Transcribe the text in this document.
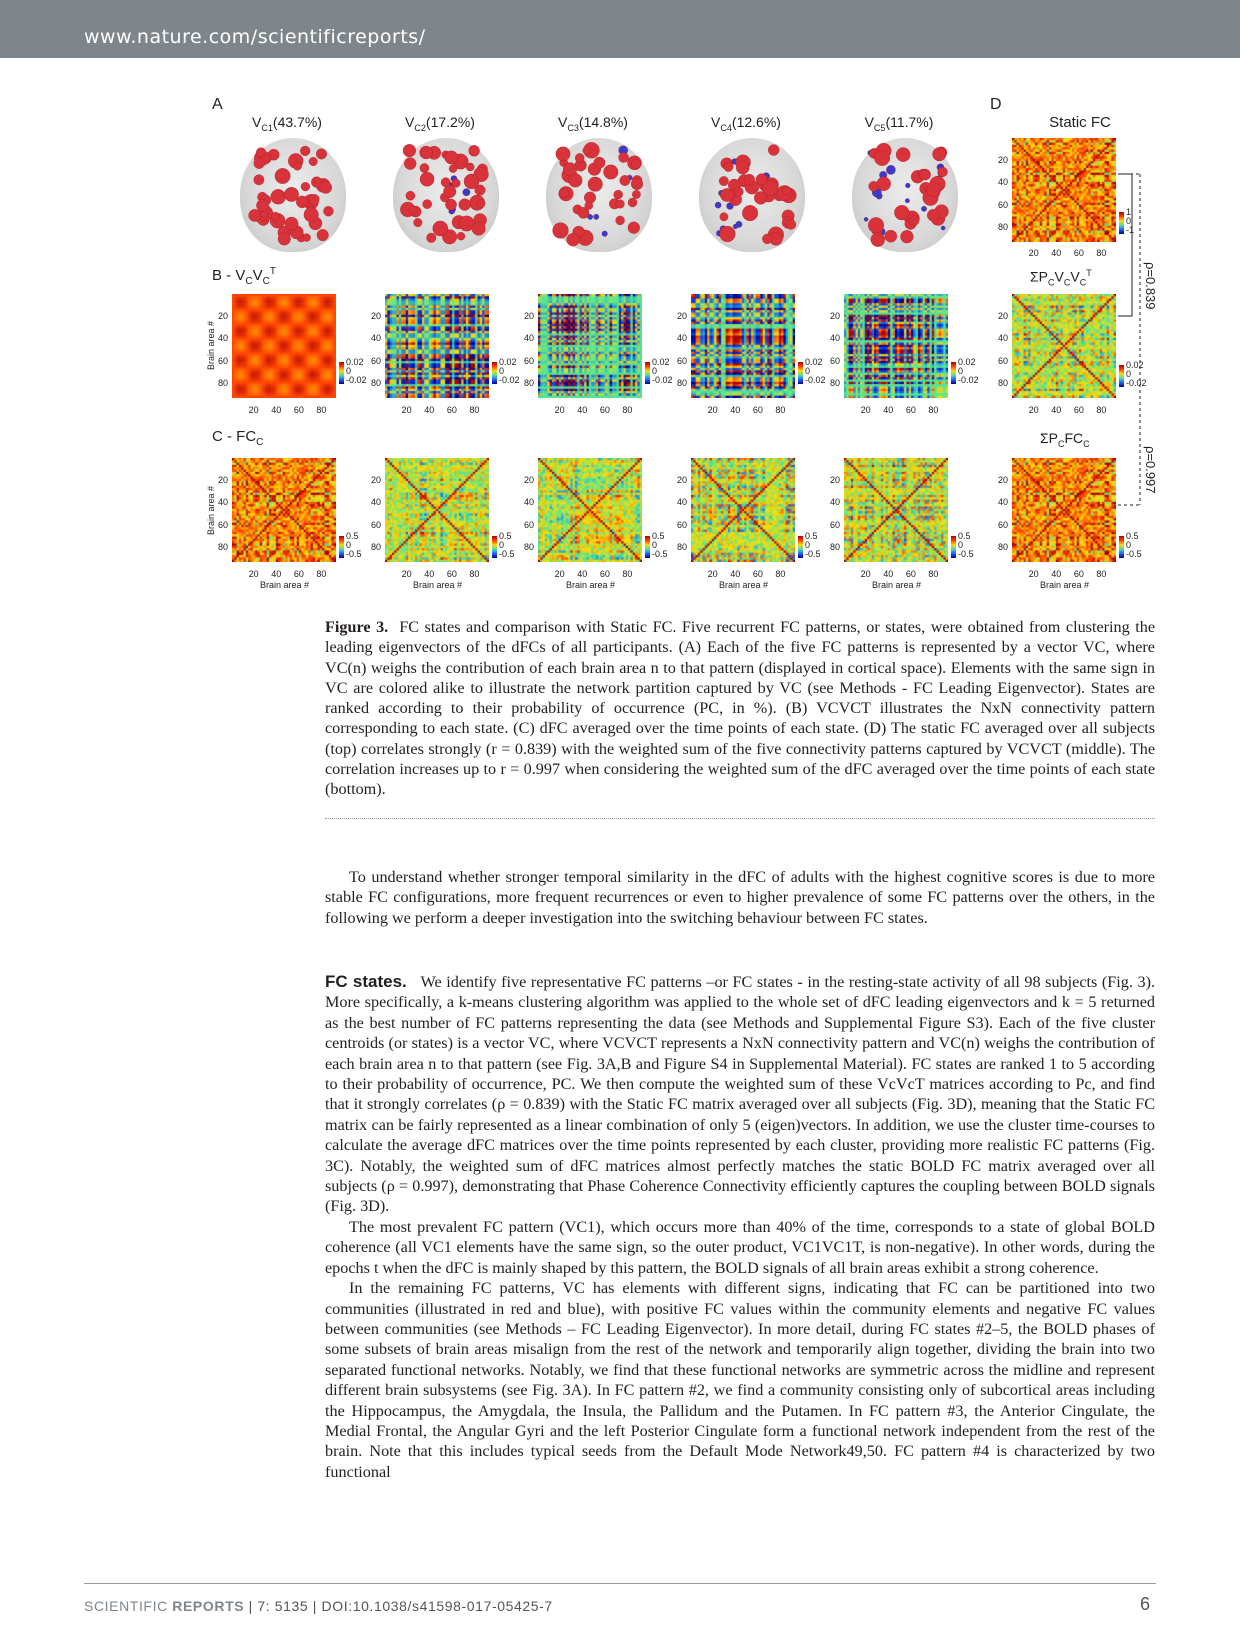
www.nature.com/scientificreports/
A	D
$V_{C1}(43.7\%)$	$V_{C2}(17.2\%)$	$V_{C3}(14.8\%)$	$V_{C4}(12.6\%)$	$V_{C5}(11.7\%)$	Static FC
B - $V_CV_C^T$
C - $FC_C$
$\Sigma P_CV_CV_C^T$
$\Sigma P_CFC_C$
20
40
60
80
20 40 60 80
0.02
0
-0.02
20
40
60
80
20 40 60 80
0.02
0
-0.02
20
40
60
80
20 40 60 80
0.02
0
-0.02
20
40
60
80
20 40 60 80
0.02
0
-0.02
20
40
60
80
20 40 60 80
0.02
0
-0.02
Brain area #
20
40
60
80
20 40 60 80
0.5
0
-0.5
Brain area #
20
40
60
80
20 40 60 80
0.5
0
-0.5
Brain area #
20
40
60
80
20 40 60 80
0.5
0
-0.5
Brain area #
20
40
60
80
20 40 60 80
0.5
0
-0.5
Brain area #
20
40
60
80
20 40 60 80
0.5
0
-0.5
Brain area #
Brain area #
20
40
60
80
20 40 60 80
1
0
-1
20
40
60
80
20 40 60 80
0.02
0
-0.02
20
40
60
80
20 40 60 80
0.5
0
-0.5
Brain area #
ρ=0.839
ρ=0.997
Figure 3. FC states and comparison with Static FC. Five recurrent FC patterns, or states, were obtained from clustering the leading eigenvectors of the dFCs of all participants. (A) Each of the five FC patterns is represented by a vector VC, where VC(n) weighs the contribution of each brain area n to that pattern (displayed in cortical space). Elements with the same sign in VC are colored alike to illustrate the network partition captured by VC (see Methods - FC Leading Eigenvector). States are ranked according to their probability of occurrence (PC, in %). (B) VCVCT illustrates the NxN connectivity pattern corresponding to each state. (C) dFC averaged over the time points of each state. (D) The static FC averaged over all subjects (top) correlates strongly (r = 0.839) with the weighted sum of the five connectivity patterns captured by VCVCT (middle). The correlation increases up to r = 0.997 when considering the weighted sum of the dFC averaged over the time points of each state (bottom).

To understand whether stronger temporal similarity in the dFC of adults with the highest cognitive scores is due to more stable FC configurations, more frequent recurrences or even to higher prevalence of some FC patterns over the others, in the following we perform a deeper investigation into the switching behaviour between FC states.

FC states. We identify five representative FC patterns –or FC states - in the resting-state activity of all 98 subjects (Fig. 3). More specifically, a k-means clustering algorithm was applied to the whole set of dFC leading eigenvectors and k = 5 returned as the best number of FC patterns representing the data (see Methods and Supplemental Figure S3). Each of the five cluster centroids (or states) is a vector VC, where VCVCT represents a NxN connectivity pattern and VC(n) weighs the contribution of each brain area n to that pattern (see Fig. 3A,B and Figure S4 in Supplemental Material). FC states are ranked 1 to 5 according to their probability of occurrence, PC. We then compute the weighted sum of these VcVcT matrices according to Pc, and find that it strongly correlates (ρ = 0.839) with the Static FC matrix averaged over all subjects (Fig. 3D), meaning that the Static FC matrix can be fairly represented as a linear combination of only 5 (eigen)vectors. In addition, we use the cluster time-courses to calculate the average dFC matrices over the time points represented by each cluster, providing more realistic FC patterns (Fig. 3C). Notably, the weighted sum of dFC matrices almost perfectly matches the static BOLD FC matrix averaged over all subjects (ρ = 0.997), demonstrating that Phase Coherence Connectivity efficiently captures the coupling between BOLD signals (Fig. 3D).

The most prevalent FC pattern (VC1), which occurs more than 40% of the time, corresponds to a state of global BOLD coherence (all VC1 elements have the same sign, so the outer product, VC1VC1T, is non-negative). In other words, during the epochs t when the dFC is mainly shaped by this pattern, the BOLD signals of all brain areas exhibit a strong coherence.

In the remaining FC patterns, VC has elements with different signs, indicating that FC can be partitioned into two communities (illustrated in red and blue), with positive FC values within the community elements and negative FC values between communities (see Methods – FC Leading Eigenvector). In more detail, during FC states #2–5, the BOLD phases of some subsets of brain areas misalign from the rest of the network and temporarily align together, dividing the brain into two separated functional networks. Notably, we find that these functional networks are symmetric across the midline and represent different brain subsystems (see Fig. 3A). In FC pattern #2, we find a community consisting only of subcortical areas including the Hippocampus, the Amygdala, the Insula, the Pallidum and the Putamen. In FC pattern #3, the Anterior Cingulate, the Medial Frontal, the Angular Gyri and the left Posterior Cingulate form a functional network independent from the rest of the brain. Note that this includes typical seeds from the Default Mode Network49,50. FC pattern #4 is characterized by two functional

SCIENTIFIC REPORTS | 7: 5135 | DOI:10.1038/s41598-017-05425-7	6
